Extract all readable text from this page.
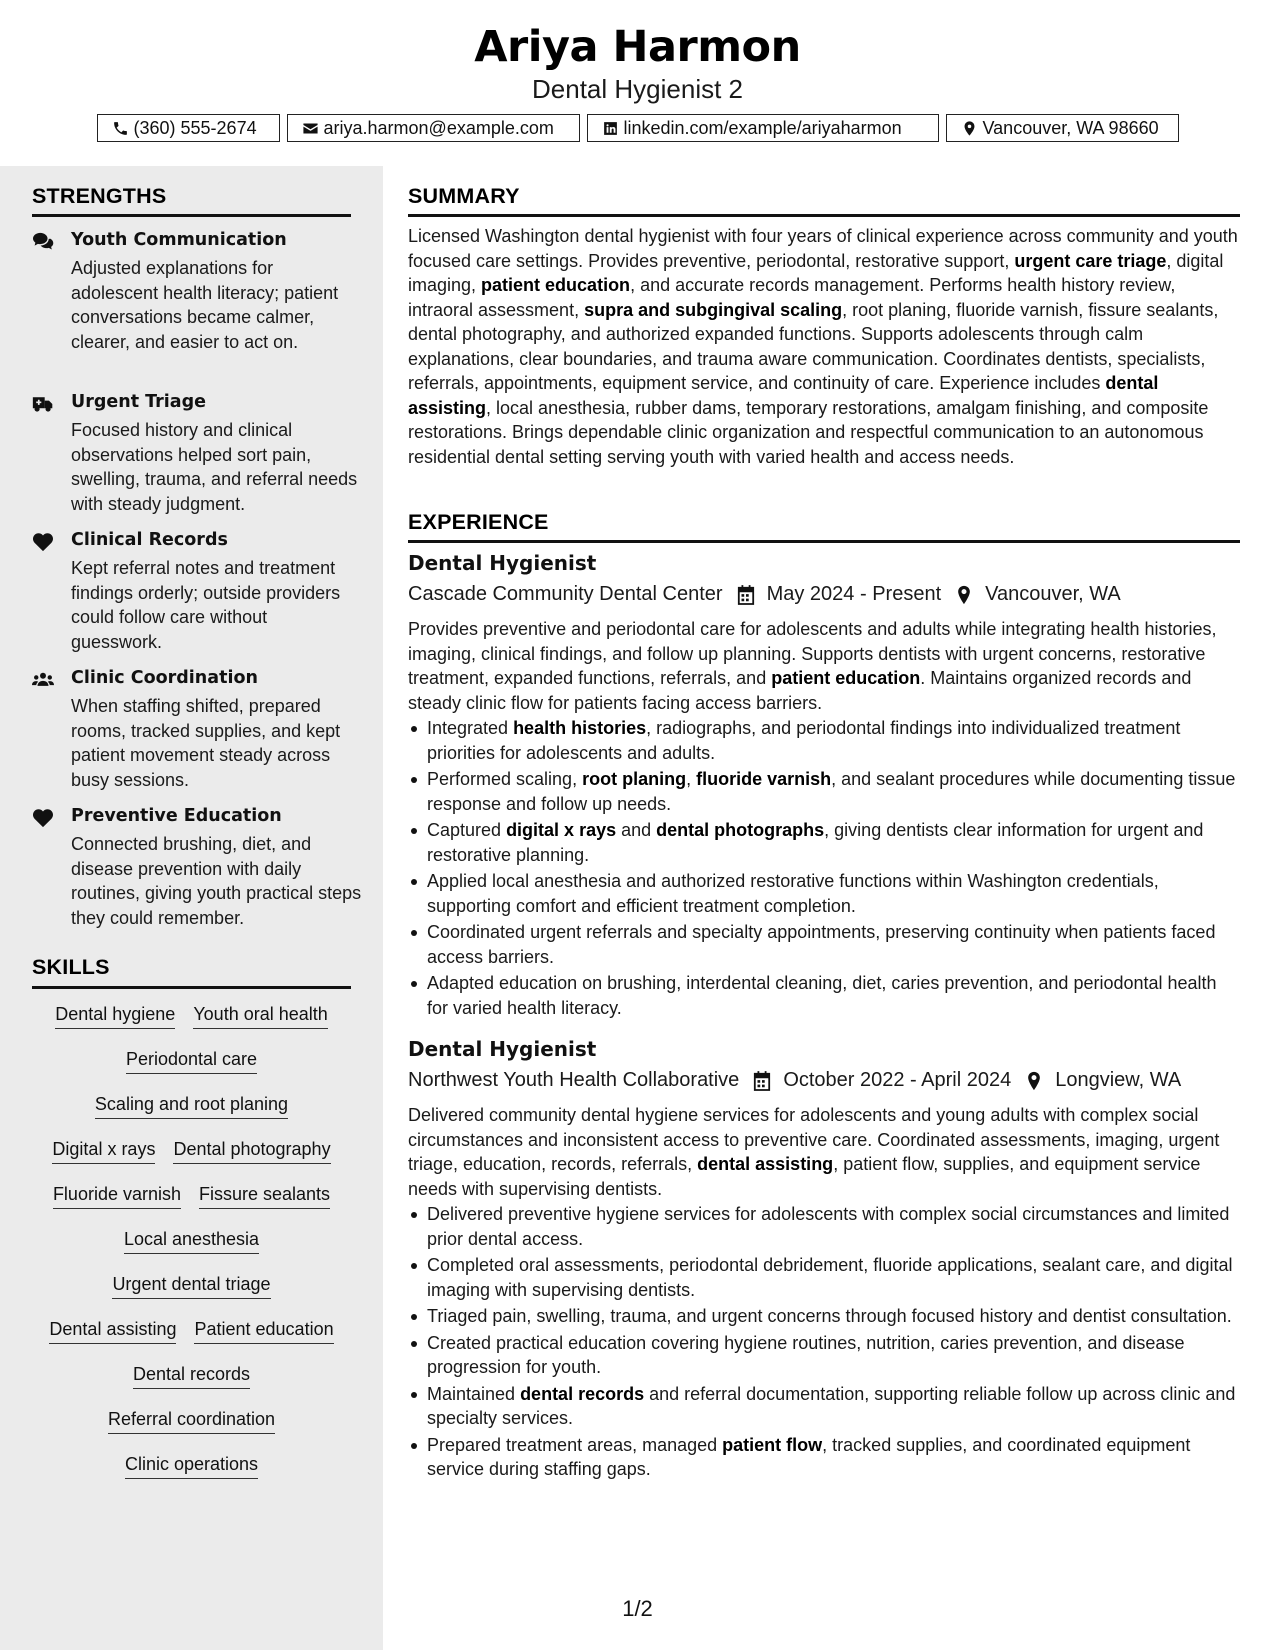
Ariya Harmon
Dental Hygienist 2
(360) 555-2674	ariya.harmon@example.com	linkedin.com/example/ariyaharmon	Vancouver, WA 98660
STRENGTHS
Youth Communication
Adjusted explanations for adolescent health literacy; patient conversations became calmer, clearer, and easier to act on.
Urgent Triage
Focused history and clinical observations helped sort pain, swelling, trauma, and referral needs with steady judgment.
Clinical Records
Kept referral notes and treatment findings orderly; outside providers could follow care without guesswork.
Clinic Coordination
When staffing shifted, prepared rooms, tracked supplies, and kept patient movement steady across busy sessions.
Preventive Education
Connected brushing, diet, and disease prevention with daily routines, giving youth practical steps they could remember.
SKILLS
Dental hygiene Youth oral health
Periodontal care
Scaling and root planing
Digital x rays Dental photography
Fluoride varnish Fissure sealants
Local anesthesia
Urgent dental triage
Dental assisting Patient education
Dental records
Referral coordination
Clinic operations
SUMMARY
Licensed Washington dental hygienist with four years of clinical experience across community and youth focused care settings. Provides preventive, periodontal, restorative support, urgent care triage, digital imaging, patient education, and accurate records management. Performs health history review, intraoral assessment, supra and subgingival scaling, root planing, fluoride varnish, fissure sealants, dental photography, and authorized expanded functions. Supports adolescents through calm explanations, clear boundaries, and trauma aware communication. Coordinates dentists, specialists, referrals, appointments, equipment service, and continuity of care. Experience includes dental assisting, local anesthesia, rubber dams, temporary restorations, amalgam finishing, and composite restorations. Brings dependable clinic organization and respectful communication to an autonomous residential dental setting serving youth with varied health and access needs.
EXPERIENCE
Dental Hygienist
Cascade Community Dental Center May 2024 - Present Vancouver, WA
Provides preventive and periodontal care for adolescents and adults while integrating health histories, imaging, clinical findings, and follow up planning. Supports dentists with urgent concerns, restorative treatment, expanded functions, referrals, and patient education. Maintains organized records and steady clinic flow for patients facing access barriers.
Integrated health histories, radiographs, and periodontal findings into individualized treatment priorities for adolescents and adults.
Performed scaling, root planing, fluoride varnish, and sealant procedures while documenting tissue response and follow up needs.
Captured digital x rays and dental photographs, giving dentists clear information for urgent and restorative planning.
Applied local anesthesia and authorized restorative functions within Washington credentials, supporting comfort and efficient treatment completion.
Coordinated urgent referrals and specialty appointments, preserving continuity when patients faced access barriers.
Adapted education on brushing, interdental cleaning, diet, caries prevention, and periodontal health for varied health literacy.
Dental Hygienist
Northwest Youth Health Collaborative October 2022 - April 2024 Longview, WA
Delivered community dental hygiene services for adolescents and young adults with complex social circumstances and inconsistent access to preventive care. Coordinated assessments, imaging, urgent triage, education, records, referrals, dental assisting, patient flow, supplies, and equipment service needs with supervising dentists.
Delivered preventive hygiene services for adolescents with complex social circumstances and limited prior dental access.
Completed oral assessments, periodontal debridement, fluoride applications, sealant care, and digital imaging with supervising dentists.
Triaged pain, swelling, trauma, and urgent concerns through focused history and dentist consultation.
Created practical education covering hygiene routines, nutrition, caries prevention, and disease progression for youth.
Maintained dental records and referral documentation, supporting reliable follow up across clinic and specialty services.
Prepared treatment areas, managed patient flow, tracked supplies, and coordinated equipment service during staffing gaps.
1/2
